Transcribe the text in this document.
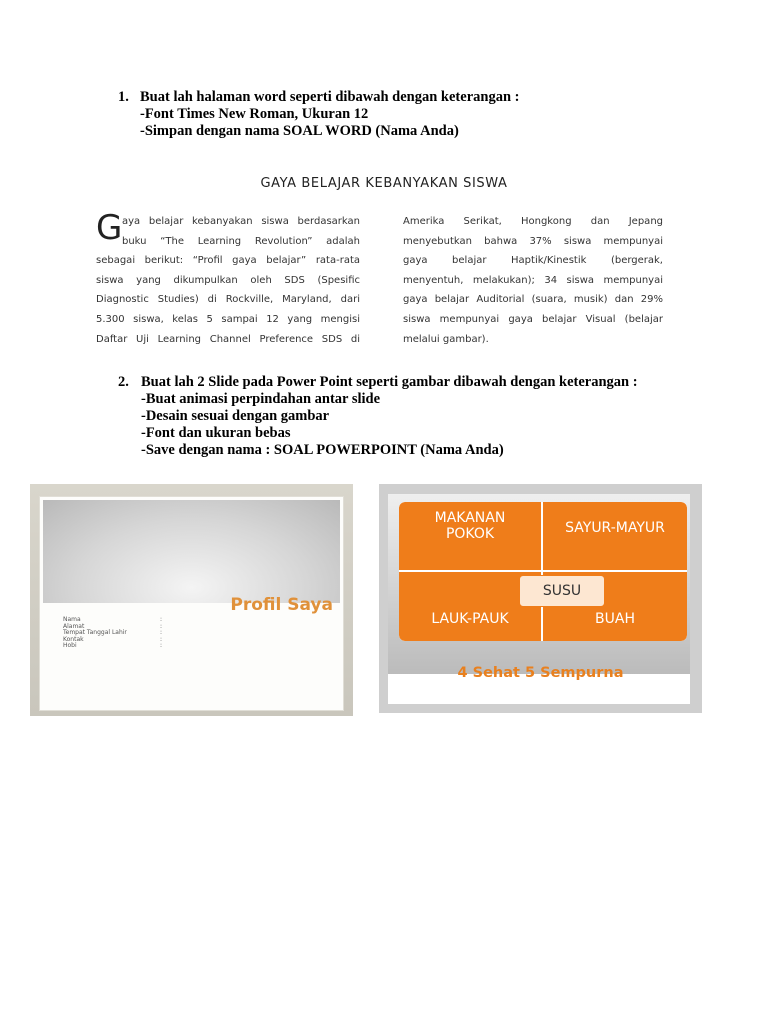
1. Buat lah halaman word seperti dibawah dengan keterangan :
-Font Times New Roman, Ukuran 12
-Simpan dengan nama SOAL WORD (Nama Anda)
GAYA BELAJAR KEBANYAKAN SISWA
G aya belajar kebanyakan siswa berdasarkan
buku “The Learning Revolution” adalah
sebagai berikut: “Profil gaya belajar” rata-rata
siswa yang dikumpulkan oleh SDS (Spesific
Diagnostic Studies) di Rockville, Maryland, dari
5.300 siswa, kelas 5 sampai 12 yang mengisi
Daftar Uji Learning Channel Preference SDS di
Amerika Serikat, Hongkong dan Jepang
menyebutkan bahwa 37% siswa mempunyai
gaya belajar Haptik/Kinestik (bergerak,
menyentuh, melakukan); 34 siswa mempunyai
gaya belajar Auditorial (suara, musik) dan 29%
siswa mempunyai gaya belajar Visual (belajar
melalui gambar).
2. Buat lah 2 Slide pada Power Point seperti gambar dibawah dengan keterangan :
-Buat animasi perpindahan antar slide
-Desain sesuai dengan gambar
-Font dan ukuran bebas
-Save dengan nama : SOAL POWERPOINT (Nama Anda)
Profil Saya
Nama
Alamat
Tempat Tanggal Lahir
Kontak
Hobi
:
:
:
:
:
MAKANAN
POKOK	SAYUR-MAYUR
LAUK-PAUK	BUAH
SUSU
4 Sehat 5 Sempurna
